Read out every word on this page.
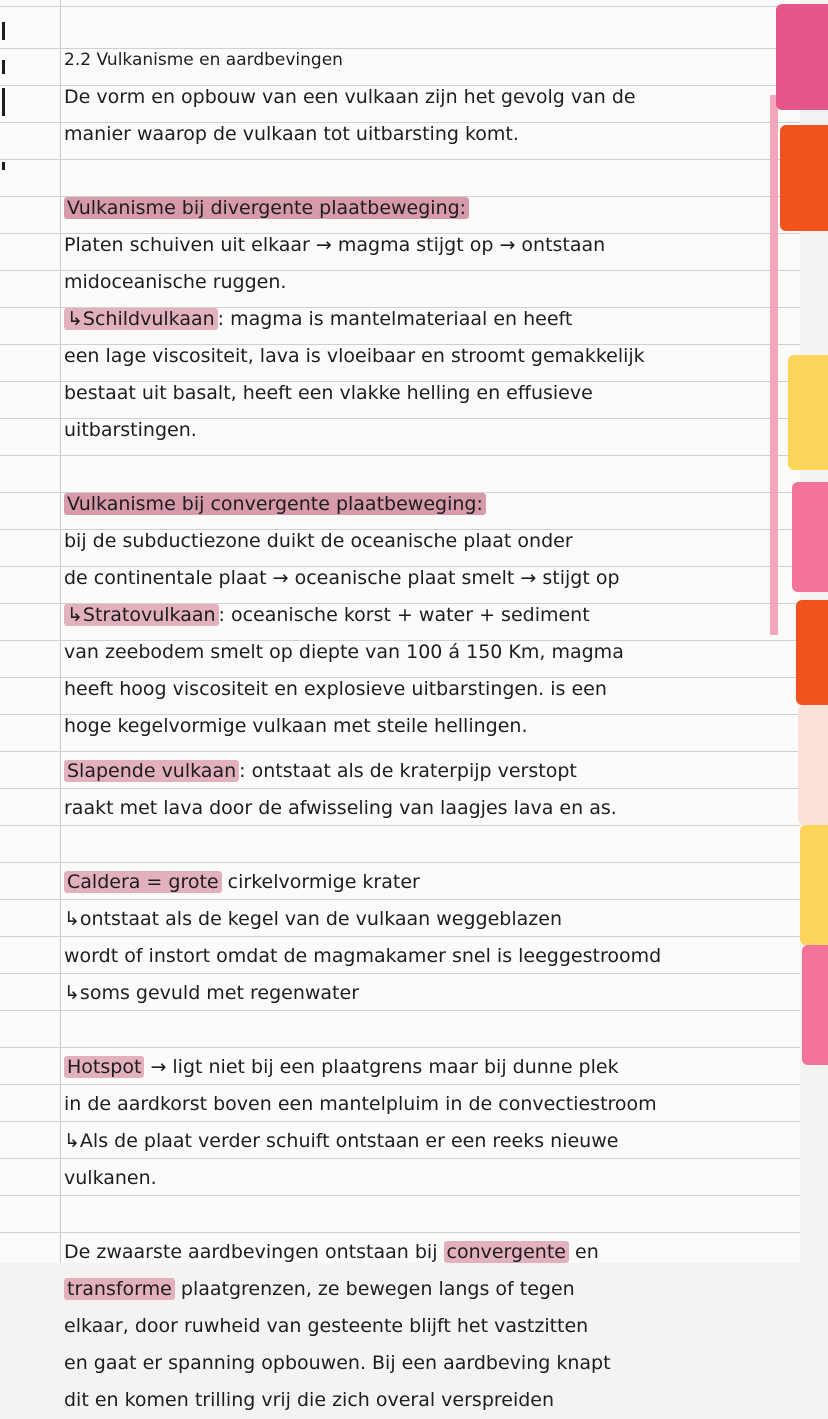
2.2 Vulkanisme en aardbevingen
De vorm en opbouw van een vulkaan zijn het gevolg van de
manier waarop de vulkaan tot uitbarsting komt.
Vulkanisme bij divergente plaatbeweging:
Platen schuiven uit elkaar → magma stijgt op → ontstaan
midoceanische ruggen.
↳Schildvulkaan : magma is mantelmateriaal en heeft
een lage viscositeit, lava is vloeibaar en stroomt gemakkelijk
bestaat uit basalt, heeft een vlakke helling en effusieve
uitbarstingen.
Vulkanisme bij convergente plaatbeweging:
bij de subductiezone duikt de oceanische plaat onder
de continentale plaat → oceanische plaat smelt → stijgt op
↳Stratovulkaan : oceanische korst + water + sediment
van zeebodem smelt op diepte van 100 á 150 Km, magma
heeft hoog viscositeit en explosieve uitbarstingen. is een
hoge kegelvormige vulkaan met steile hellingen.
Slapende vulkaan : ontstaat als de kraterpijp verstopt
raakt met lava door de afwisseling van laagjes lava en as.
Caldera = grote cirkelvormige krater
↳ontstaat als de kegel van de vulkaan weggeblazen
wordt of instort omdat de magmakamer snel is leeggestroomd
↳soms gevuld met regenwater
Hotspot → ligt niet bij een plaatgrens maar bij dunne plek
in de aardkorst boven een mantelpluim in de convectiestroom
↳Als de plaat verder schuift ontstaan er een reeks nieuwe
vulkanen.
De zwaarste aardbevingen ontstaan bij convergente en
transforme plaatgrenzen, ze bewegen langs of tegen
elkaar, door ruwheid van gesteente blijft het vastzitten
en gaat er spanning opbouwen. Bij een aardbeving knapt
dit en komen trilling vrij die zich overal verspreiden
